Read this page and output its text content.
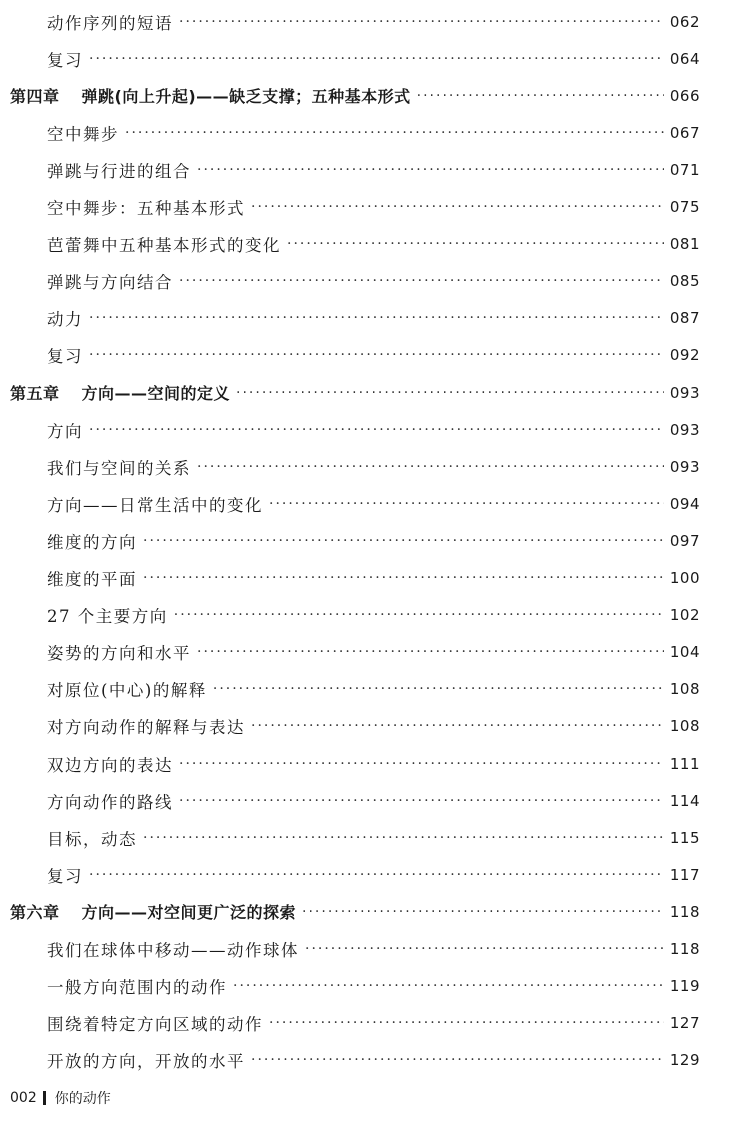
动作序列的短语 ·····	062
复习 ·····	064
第四章 弹跳(向上升起)——缺乏支撑；五种基本形式 ·····	066
空中舞步 ·····	067
弹跳与行进的组合 ·····	071
空中舞步：五种基本形式 ·····	075
芭蕾舞中五种基本形式的变化 ·····	081
弹跳与方向结合 ·····	085
动力 ·····	087
复习 ·····	092
第五章 方向——空间的定义 ·····	093
方向 ·····	093
我们与空间的关系 ·····	093
方向——日常生活中的变化 ·····	094
维度的方向 ·····	097
维度的平面 ·····	100
27 个主要方向 ·····	102
姿势的方向和水平 ·····	104
对原位(中心)的解释 ·····	108
对方向动作的解释与表达 ·····	108
双边方向的表达 ·····	111
方向动作的路线 ·····	114
目标，动态 ·····	115
复习 ·····	117
第六章 方向——对空间更广泛的探索 ·····	118
我们在球体中移动——动作球体 ·····	118
一般方向范围内的动作 ·····	119
围绕着特定方向区域的动作 ·····	127
开放的方向，开放的水平 ·····	129
002 你的动作
